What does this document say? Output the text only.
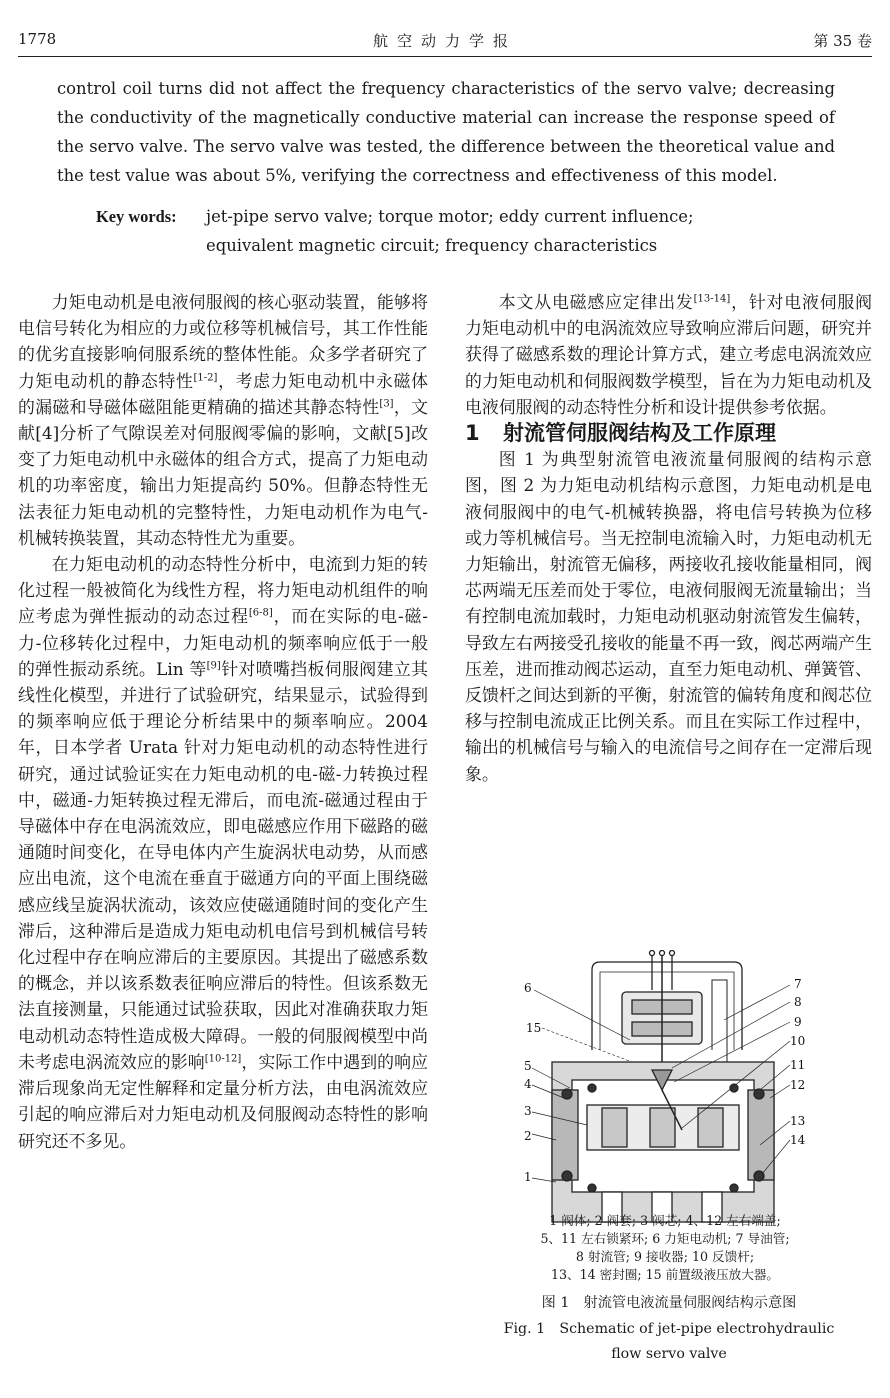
1778	航空动力学报	第 35 卷
control coil turns did not affect the frequency characteristics of the servo valve; decreasing the conductivity of the magnetically conductive material can increase the response speed of the servo valve. The servo valve was tested, the difference between the theoretical value and the test value was about 5%, verifying the correctness and effectiveness of this model.
Key words: jet-pipe servo valve; torque motor; eddy current influence;
equivalent magnetic circuit; frequency characteristics

力矩电动机是电液伺服阀的核心驱动装置，能够将电信号转化为相应的力或位移等机械信号，其工作性能的优劣直接影响伺服系统的整体性能。众多学者研究了力矩电动机的静态特性[1-2]，考虑力矩电动机中永磁体的漏磁和导磁体磁阻能更精确的描述其静态特性[3]，文献[4]分析了气隙误差对伺服阀零偏的影响，文献[5]改变了力矩电动机中永磁体的组合方式，提高了力矩电动机的功率密度，输出力矩提高约 50%。但静态特性无法表征力矩电动机的完整特性，力矩电动机作为电气-机械转换装置，其动态特性尤为重要。

在力矩电动机的动态特性分析中，电流到力矩的转化过程一般被简化为线性方程，将力矩电动机组件的响应考虑为弹性振动的动态过程[6-8]，而在实际的电-磁-力-位移转化过程中，力矩电动机的频率响应低于一般的弹性振动系统。Lin 等[9]针对喷嘴挡板伺服阀建立其线性化模型，并进行了试验研究，结果显示，试验得到的频率响应低于理论分析结果中的频率响应。2004 年，日本学者 Urata 针对力矩电动机的动态特性进行研究，通过试验证实在力矩电动机的电-磁-力转换过程中，磁通-力矩转换过程无滞后，而电流-磁通过程由于导磁体中存在电涡流效应，即电磁感应作用下磁路的磁通随时间变化，在导电体内产生旋涡状电动势，从而感应出电流，这个电流在垂直于磁通方向的平面上围绕磁感应线呈旋涡状流动，该效应使磁通随时间的变化产生滞后，这种滞后是造成力矩电动机电信号到机械信号转化过程中存在响应滞后的主要原因。其提出了磁感系数的概念，并以该系数表征响应滞后的特性。但该系数无法直接测量，只能通过试验获取，因此对准确获取力矩电动机动态特性造成极大障碍。一般的伺服阀模型中尚未考虑电涡流效应的影响[10-12]，实际工作中遇到的响应滞后现象尚无定性解释和定量分析方法，由电涡流效应引起的响应滞后对力矩电动机及伺服阀动态特性的影响研究还不多见。

本文从电磁感应定律出发[13-14]，针对电液伺服阀力矩电动机中的电涡流效应导致响应滞后问题，研究并获得了磁感系数的理论计算方式，建立考虑电涡流效应的力矩电动机和伺服阀数学模型，旨在为力矩电动机及电液伺服阀的动态特性分析和设计提供参考依据。

1 射流管伺服阀结构及工作原理

图 1 为典型射流管电液流量伺服阀的结构示意图，图 2 为力矩电动机结构示意图，力矩电动机是电液伺服阀中的电气-机械转换器，将电信号转换为位移或力等机械信号。当无控制电流输入时，力矩电动机无力矩输出，射流管无偏移，两接收孔接收能量相同，阀芯两端无压差而处于零位，电液伺服阀无流量输出；当有控制电流加载时，力矩电动机驱动射流管发生偏转，导致左右两接受孔接收的能量不再一致，阀芯两端产生压差，进而推动阀芯运动，直至力矩电动机、弹簧管、反馈杆之间达到新的平衡，射流管的偏转角度和阀芯位移与控制电流成正比例关系。而且在实际工作过程中，输出的机械信号与输入的电流信号之间存在一定滞后现象。

6
15
5
4
3
2
1
7
8
9
10
11
12
13
14
1 阀体; 2 阀套; 3 阀芯; 4、12 左右端盖;
5、11 左右锁紧环; 6 力矩电动机; 7 导油管;
8 射流管; 9 接收器; 10 反馈杆;
13、14 密封圈; 15 前置级液压放大器。
图 1　射流管电液流量伺服阀结构示意图
Fig. 1　Schematic of jet-pipe electrohydraulic
flow servo valve
